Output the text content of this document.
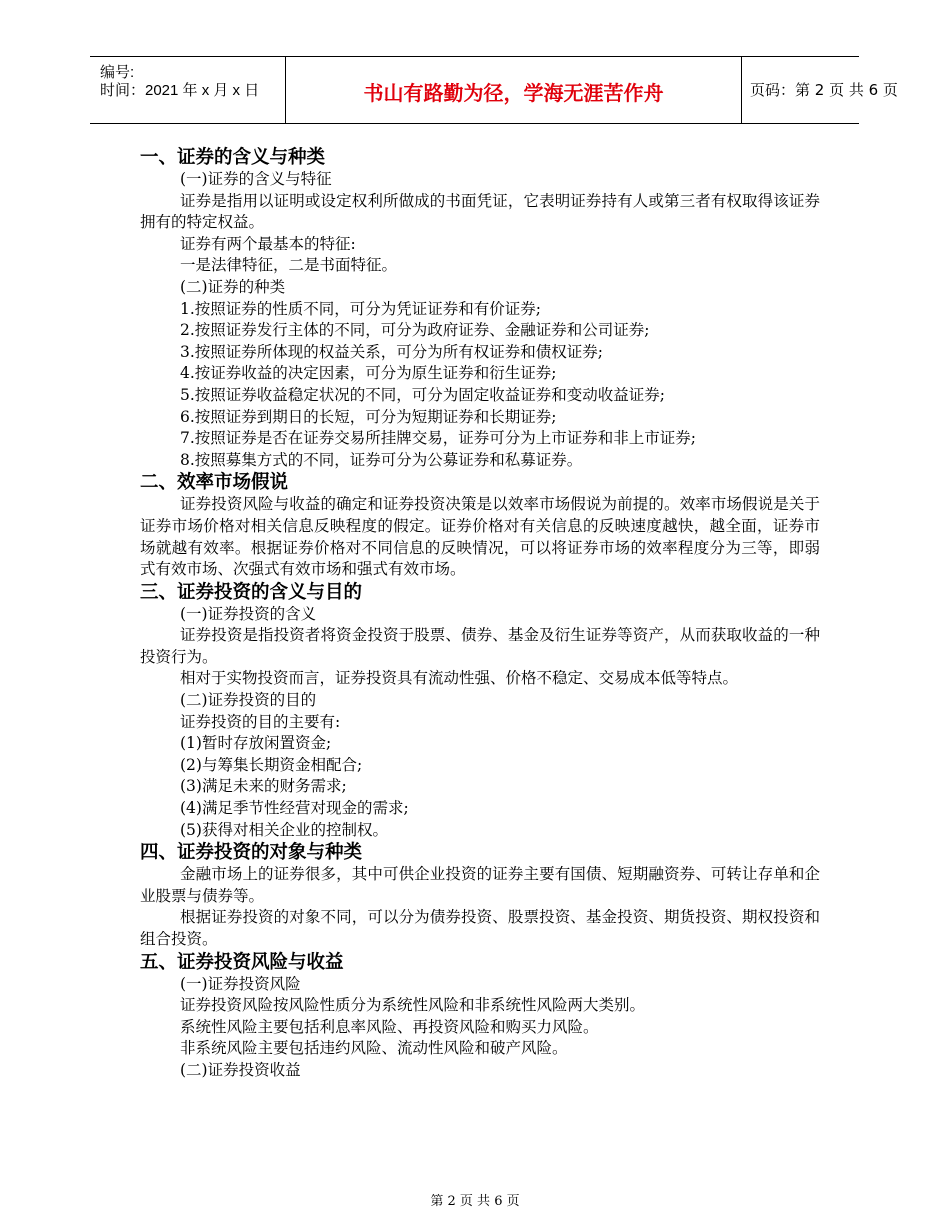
编号:
时间：2021 年 x 月 x 日	书山有路勤为径，学海无涯苦作舟	页码：第 2 页 共 6 页
一、证券的含义与种类
(一)证券的含义与特征
证券是指用以证明或设定权利所做成的书面凭证，它表明证券持有人或第三者有权取得该证券拥有的特定权益。
证券有两个最基本的特征:
一是法律特征，二是书面特征。
(二)证券的种类
1.按照证券的性质不同，可分为凭证证券和有价证券;
2.按照证券发行主体的不同，可分为政府证券、金融证券和公司证券;
3.按照证券所体现的权益关系，可分为所有权证券和债权证券;
4.按证券收益的决定因素，可分为原生证券和衍生证券;
5.按照证券收益稳定状况的不同，可分为固定收益证券和变动收益证券;
6.按照证券到期日的长短，可分为短期证券和长期证券;
7.按照证券是否在证券交易所挂牌交易，证券可分为上市证券和非上市证券;
8.按照募集方式的不同，证券可分为公募证券和私募证券。
二、效率市场假说
证券投资风险与收益的确定和证券投资决策是以效率市场假说为前提的。效率市场假说是关于证券市场价格对相关信息反映程度的假定。证券价格对有关信息的反映速度越快，越全面，证券市场就越有效率。根据证券价格对不同信息的反映情况，可以将证券市场的效率程度分为三等，即弱式有效市场、次强式有效市场和强式有效市场。
三、证券投资的含义与目的
(一)证券投资的含义
证券投资是指投资者将资金投资于股票、债券、基金及衍生证券等资产，从而获取收益的一种投资行为。
相对于实物投资而言，证券投资具有流动性强、价格不稳定、交易成本低等特点。
(二)证券投资的目的
证券投资的目的主要有:
(1)暂时存放闲置资金;
(2)与筹集长期资金相配合;
(3)满足未来的财务需求;
(4)满足季节性经营对现金的需求;
(5)获得对相关企业的控制权。
四、证券投资的对象与种类
金融市场上的证券很多，其中可供企业投资的证券主要有国债、短期融资券、可转让存单和企业股票与债券等。
根据证券投资的对象不同，可以分为债券投资、股票投资、基金投资、期货投资、期权投资和组合投资。
五、证券投资风险与收益
(一)证券投资风险
证券投资风险按风险性质分为系统性风险和非系统性风险两大类别。
系统性风险主要包括利息率风险、再投资风险和购买力风险。
非系统风险主要包括违约风险、流动性风险和破产风险。
(二)证券投资收益
第 2 页 共 6 页
